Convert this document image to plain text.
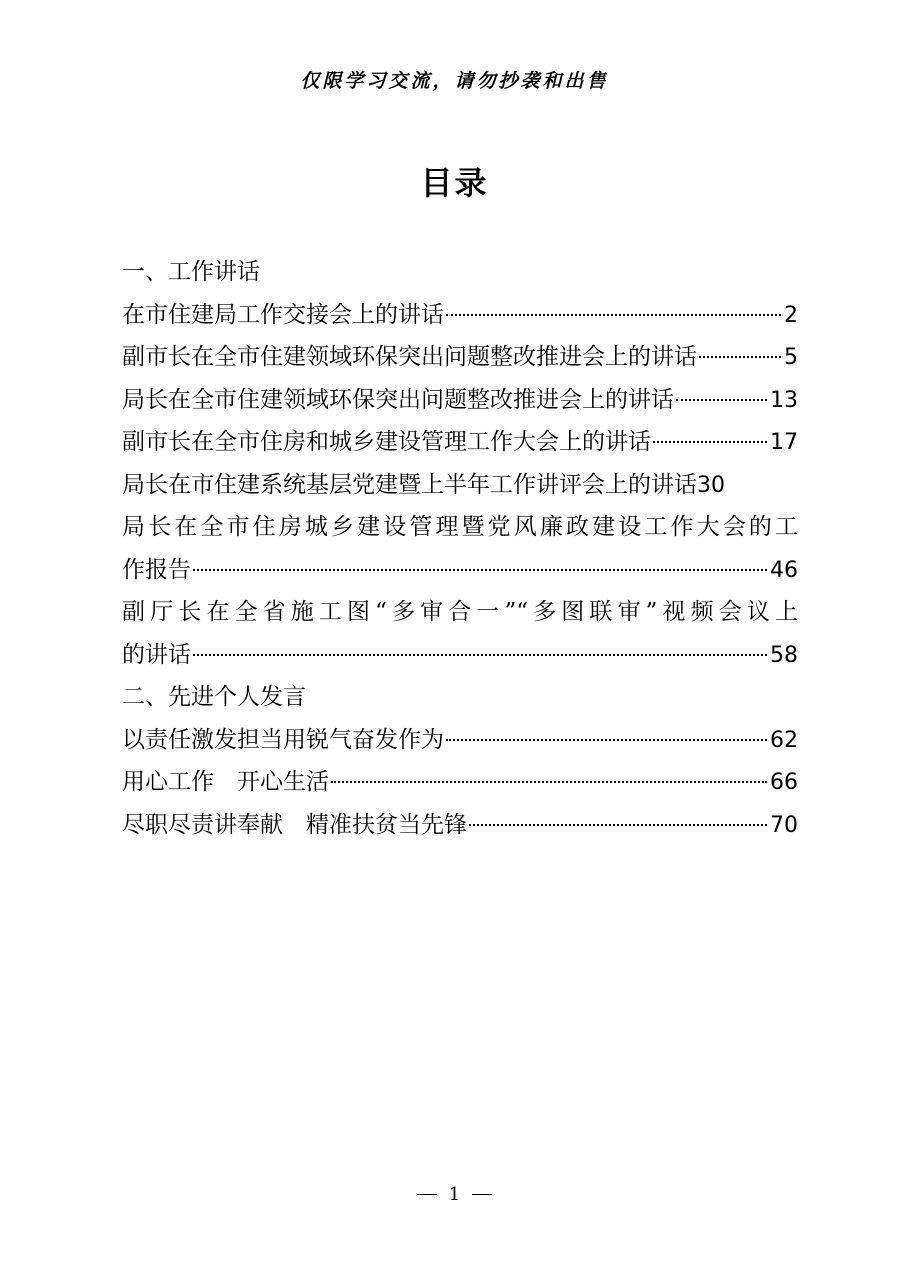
仅限学习交流，请勿抄袭和出售
目录
一、工作讲话
在市住建局工作交接会上的讲话	2
副市长在全市住建领域环保突出问题整改推进会上的讲话	5
局长在全市住建领域环保突出问题整改推进会上的讲话	13
副市长在全市住房和城乡建设管理工作大会上的讲话	17
局长在市住建系统基层党建暨上半年工作讲评会上的讲话 30
局长在全市住房城乡建设管理暨党风廉政建设工作大会的工
作报告	46
副厅长在全省施工图“多审合一”“多图联审”视频会议上
的讲话	58
二、先进个人发言
以责任激发担当用锐气奋发作为	62
用心工作　开心生活	66
尽职尽责讲奉献　精准扶贫当先锋	70
1
